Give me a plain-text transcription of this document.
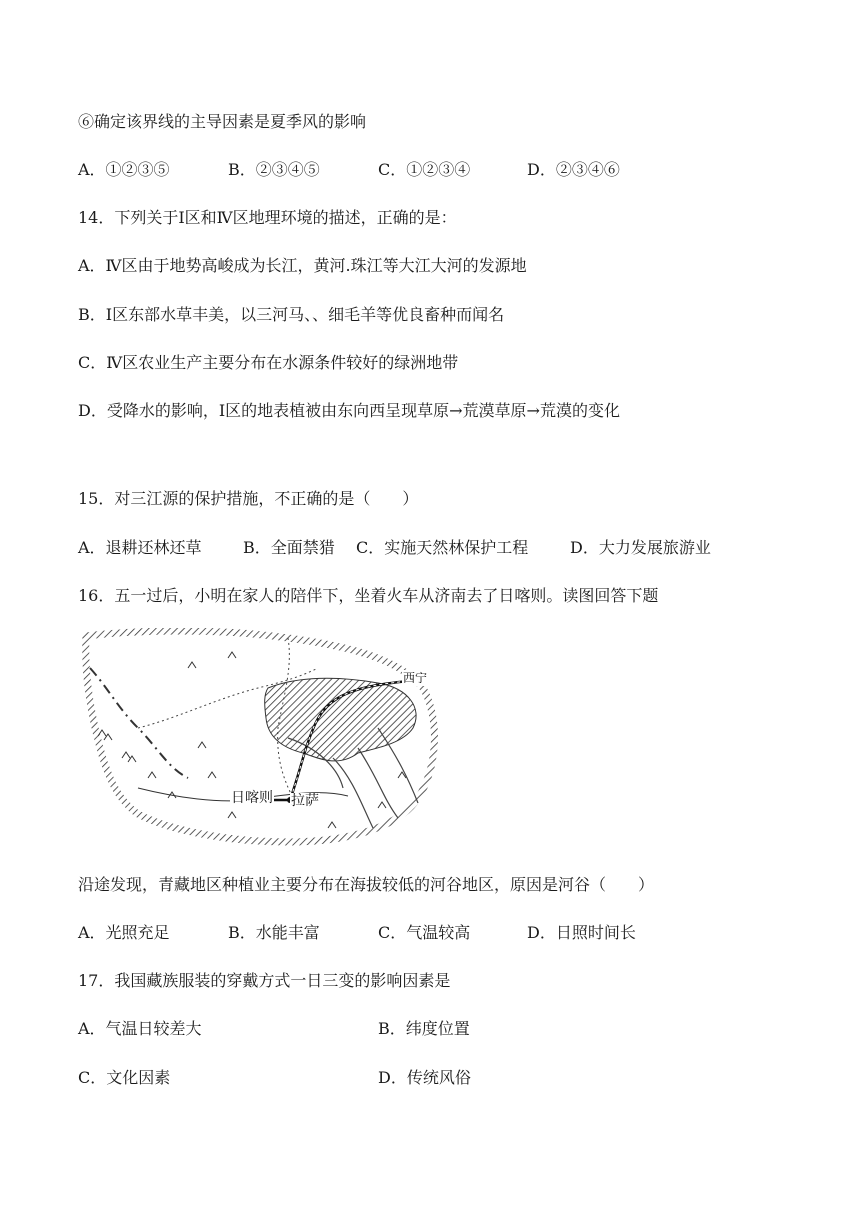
⑥确定该界线的主导因素是夏季风的影响
A．①②③⑤	B．②③④⑤	C．①②③④	D．②③④⑥
14．下列关于Ⅰ区和Ⅳ区地理环境的描述，正确的是：
A．Ⅳ区由于地势高峻成为长江，黄河.珠江等大江大河的发源地
B．Ⅰ区东部水草丰美，以三河马、、细毛羊等优良畜种而闻名
C．Ⅳ区农业生产主要分布在水源条件较好的绿洲地带
D．受降水的影响，Ⅰ区的地表植被由东向西呈现草原→荒漠草原→荒漠的变化
15．对三江源的保护措施，不正确的是（　　）
A．退耕还林还草	B．全面禁猎 C．实施天然林保护工程	D．大力发展旅游业
16．五一过后，小明在家人的陪伴下，坐着火车从济南去了日喀则。读图回答下题
西宁
日喀则 拉萨
沿途发现，青藏地区种植业主要分布在海拔较低的河谷地区，原因是河谷（　　）
A．光照充足	B．水能丰富	C．气温较高	D．日照时间长
17．我国藏族服装的穿戴方式一日三变的影响因素是
A．气温日较差大	B．纬度位置
C．文化因素	D．传统风俗
